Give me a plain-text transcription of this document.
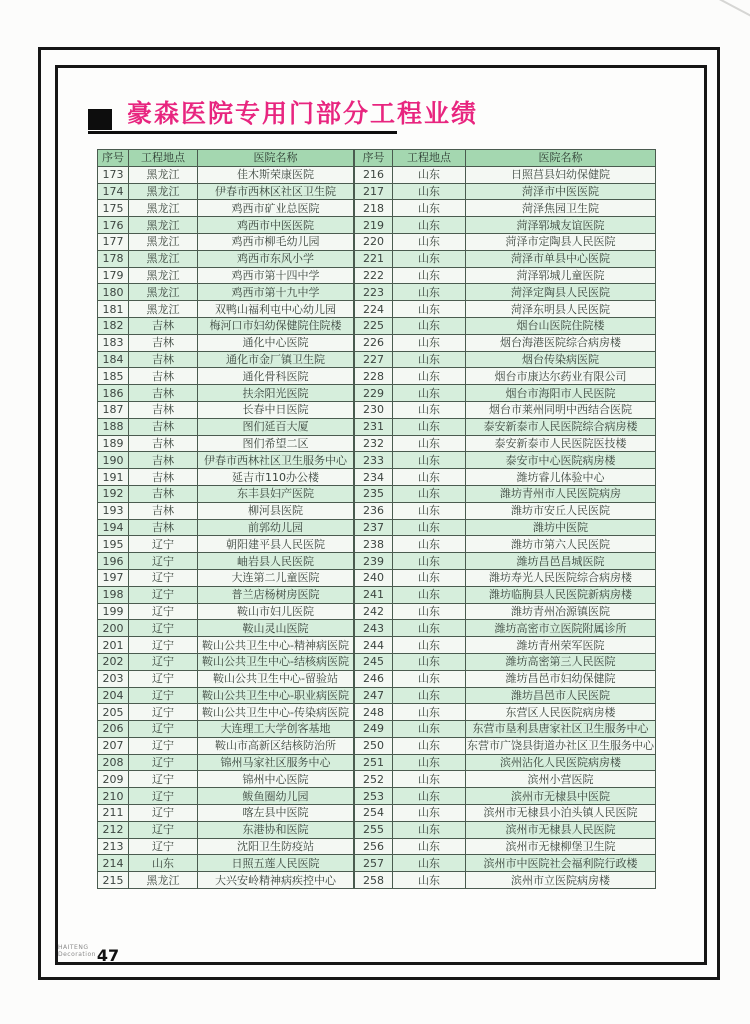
豪森医院专用门部分工程业绩
序号	工程地点	医院名称
173	黑龙江	佳木斯荣康医院
174	黑龙江	伊春市西林区社区卫生院
175	黑龙江	鸡西市矿业总医院
176	黑龙江	鸡西市中医医院
177	黑龙江	鸡西市柳毛幼儿园
178	黑龙江	鸡西市东风小学
179	黑龙江	鸡西市第十四中学
180	黑龙江	鸡西市第十九中学
181	黑龙江	双鸭山福利屯中心幼儿园
182	吉林	梅河口市妇幼保健院住院楼
183	吉林	通化中心医院
184	吉林	通化市金厂镇卫生院
185	吉林	通化骨科医院
186	吉林	扶余阳光医院
187	吉林	长春中日医院
188	吉林	图们延百大厦
189	吉林	图们希望二区
190	吉林	伊春市西林社区卫生服务中心
191	吉林	延吉市110办公楼
192	吉林	东丰县妇产医院
193	吉林	柳河县医院
194	吉林	前郭幼儿园
195	辽宁	朝阳建平县人民医院
196	辽宁	岫岩县人民医院
197	辽宁	大连第二儿童医院
198	辽宁	普兰店杨树房医院
199	辽宁	鞍山市妇儿医院
200	辽宁	鞍山灵山医院
201	辽宁	鞍山公共卫生中心-精神病医院
202	辽宁	鞍山公共卫生中心-结核病医院
203	辽宁	鞍山公共卫生中心-留验站
204	辽宁	鞍山公共卫生中心-职业病医院
205	辽宁	鞍山公共卫生中心-传染病医院
206	辽宁	大连理工大学创客基地
207	辽宁	鞍山市高新区结核防治所
208	辽宁	锦州马家社区服务中心
209	辽宁	锦州中心医院
210	辽宁	鲅鱼圈幼儿园
211	辽宁	喀左县中医院
212	辽宁	东港协和医院
213	辽宁	沈阳卫生防疫站
214	山东	日照五莲人民医院
215	黑龙江	大兴安岭精神病疾控中心
序号	工程地点	医院名称
216	山东	日照莒县妇幼保健院
217	山东	菏泽市中医医院
218	山东	菏泽焦园卫生院
219	山东	菏泽郓城友谊医院
220	山东	菏泽市定陶县人民医院
221	山东	菏泽市单县中心医院
222	山东	菏泽郓城儿童医院
223	山东	菏泽定陶县人民医院
224	山东	菏泽东明县人民医院
225	山东	烟台山医院住院楼
226	山东	烟台海港医院综合病房楼
227	山东	烟台传染病医院
228	山东	烟台市康达尔药业有限公司
229	山东	烟台市海阳市人民医院
230	山东	烟台市莱州同明中西结合医院
231	山东	泰安新泰市人民医院综合病房楼
232	山东	泰安新泰市人民医院医技楼
233	山东	泰安市中心医院病房楼
234	山东	潍坊睿儿体验中心
235	山东	潍坊青州市人民医院病房
236	山东	潍坊市安丘人民医院
237	山东	潍坊中医院
238	山东	潍坊市第六人民医院
239	山东	潍坊昌邑昌城医院
240	山东	潍坊寿光人民医院综合病房楼
241	山东	潍坊临朐县人民医院新病房楼
242	山东	潍坊青州冶源镇医院
243	山东	潍坊高密市立医院附属诊所
244	山东	潍坊青州荣军医院
245	山东	潍坊高密第三人民医院
246	山东	潍坊昌邑市妇幼保健院
247	山东	潍坊昌邑市人民医院
248	山东	东营区人民医院病房楼
249	山东	东营市垦利县唐家社区卫生服务中心
250	山东	东营市广饶县街道办社区卫生服务中心
251	山东	滨州沾化人民医院病房楼
252	山东	滨州小营医院
253	山东	滨州市无棣县中医院
254	山东	滨州市无棣县小泊头镇人民医院
255	山东	滨州市无棣县人民医院
256	山东	滨州市无棣柳堡卫生院
257	山东	滨州市中医院社会福利院行政楼
258	山东	滨州市立医院病房楼
HAITENG
Decoration 47
